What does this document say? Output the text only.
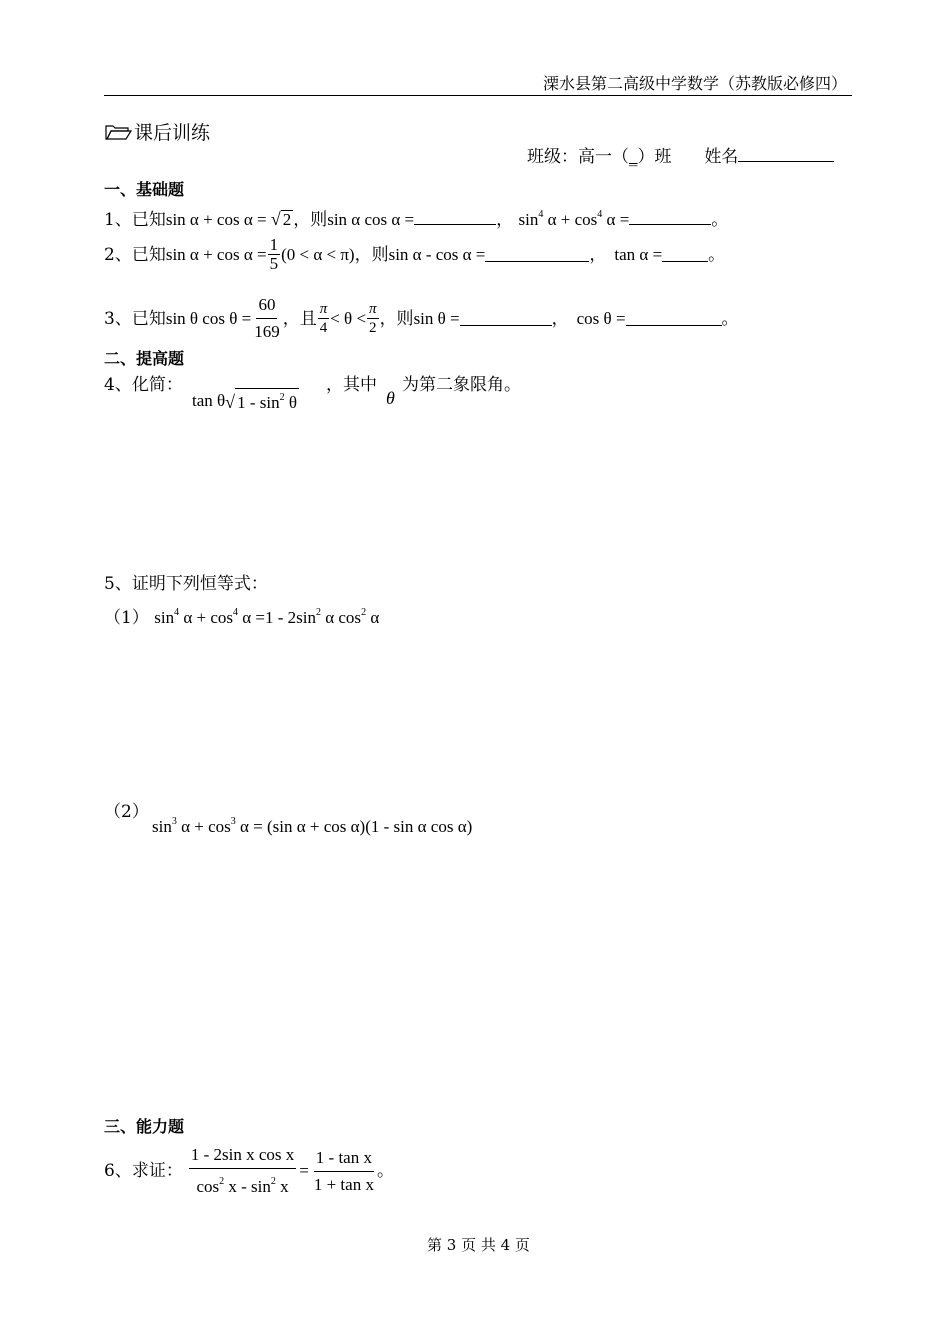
溧水县第二高级中学数学（苏教版必修四）
课后训练
班级：高一（_）班 姓名
一、基础题
1、已知sin α + cos α = √ 2 ，则sin α cos α =	， $\sin^4 \alpha + \cos^4 \alpha$ =	。
2、已知 $\sin \alpha + \cos \alpha = \frac{1}{5} (0 < \alpha < \pi)$ ，则 sin α - cos α =	， tan α =	。
3、已知 sin θ $\cos \theta = \frac{60}{169}$ ，且 $\frac{\pi}{4} < \theta < \frac{\pi}{2}$ ，则 sin θ =	， cos θ =	。
二、提高题
4、化简：
tan θ √ $1 - \sin^2 \theta$
，其中
θ
为第二象限角。
5、证明下列恒等式：
（1） $\sin^4 \alpha + \cos^4 \alpha =1 - 2\sin^2$ α $\cos^2 \alpha$
（2）
$\sin^3 \alpha + \cos^3 \alpha = (\sin$ α + cos α)(1 - sin α cos α)
三、能力题
6、求证： $\frac{\text{1 - 2sin x cos x}}{\cos^2 x - \sin^2 x} = \frac{\text{1 - tan x}}{\text{1 + tan x}}$ 。
第 3 页 共 4 页
